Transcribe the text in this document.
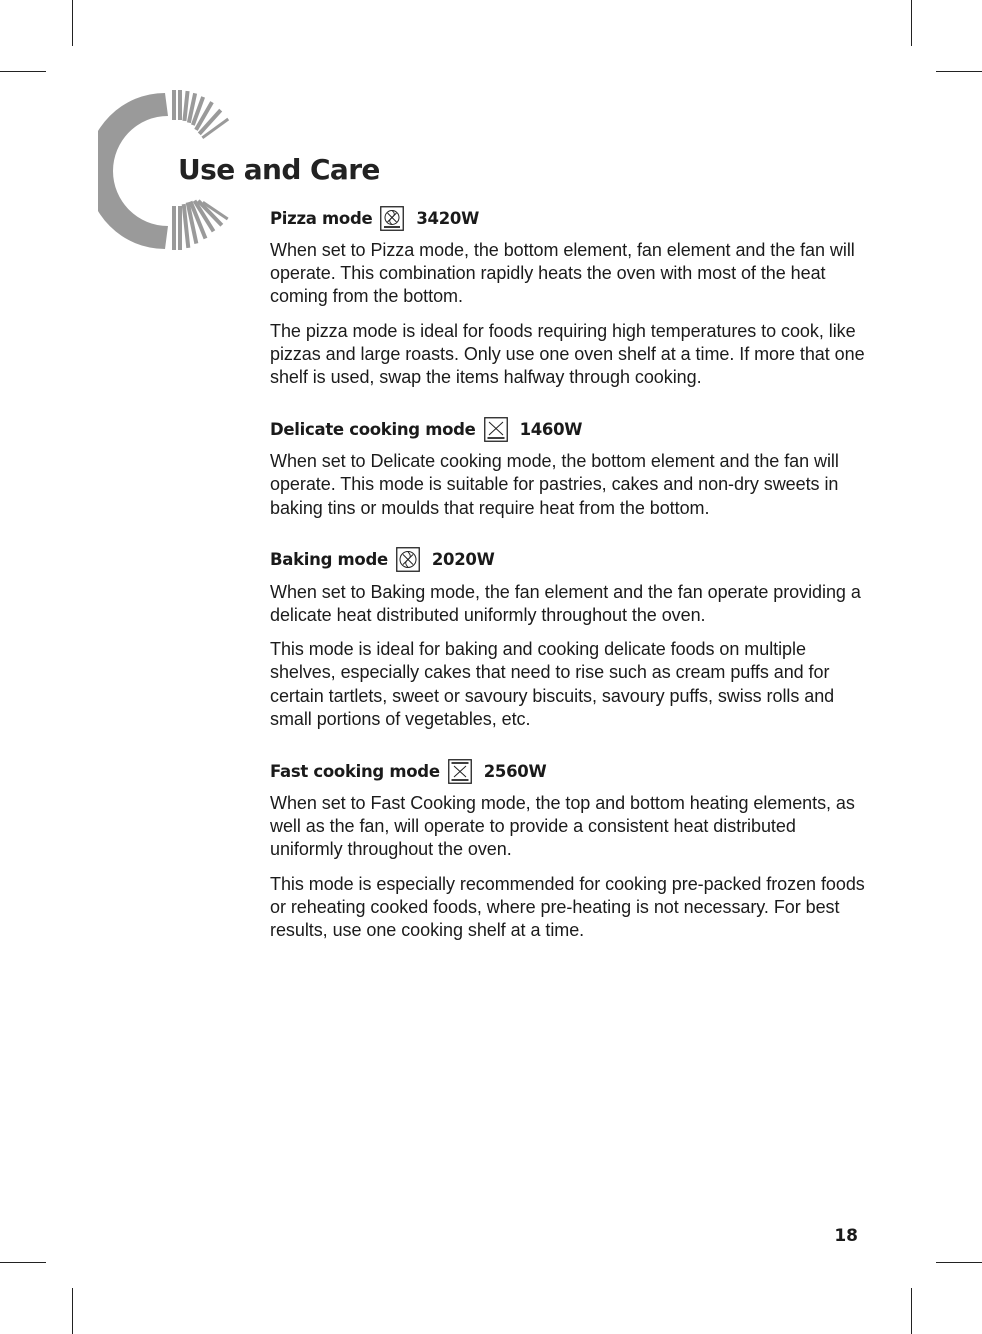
Use and Care
Pizza mode	3420W

When set to Pizza mode, the bottom element, fan element and the fan will operate. This combination rapidly heats the oven with most of the heat coming from the bottom.

The pizza mode is ideal for foods requiring high temperatures to cook, like pizzas and large roasts. Only use one oven shelf at a time. If more that one shelf is used, swap the items halfway through cooking.

Delicate cooking mode	1460W

When set to Delicate cooking mode, the bottom element and the fan will operate. This mode is suitable for pastries, cakes and non-dry sweets in baking tins or moulds that require heat from the bottom.

Baking mode	2020W

When set to Baking mode, the fan element and the fan operate providing a delicate heat distributed uniformly throughout the oven.

This mode is ideal for baking and cooking delicate foods on multiple shelves, especially cakes that need to rise such as cream puffs and for certain tartlets, sweet or savoury biscuits, savoury puffs, swiss rolls and small portions of vegetables, etc.

Fast cooking mode	2560W

When set to Fast Cooking mode, the top and bottom heating elements, as well as the fan, will operate to provide a consistent heat distributed uniformly throughout the oven.

This mode is especially recommended for cooking pre-packed frozen foods or reheating cooked foods, where pre-heating is not necessary. For best results, use one cooking shelf at a time.

18
